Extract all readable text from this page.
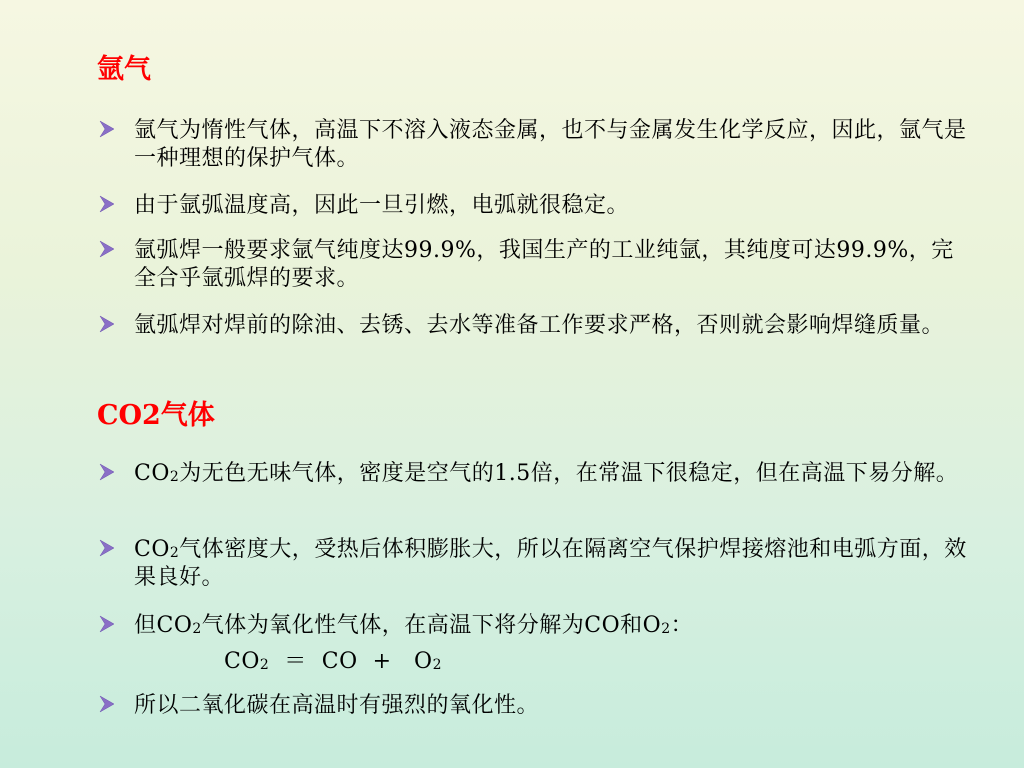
氩气
氩气为惰性气体，高温下不溶入液态金属，也不与金属发生化学反应，因此，氩气是一种理想的保护气体。
由于氩弧温度高，因此一旦引燃，电弧就很稳定。
氩弧焊一般要求氩气纯度达99.9%，我国生产的工业纯氩，其纯度可达99.9%，完全合乎氩弧焊的要求。
氩弧焊对焊前的除油、去锈、去水等准备工作要求严格，否则就会影响焊缝质量。
CO2气体
$CO_2$为无色无味气体，密度是空气的1.5倍，在常温下很稳定，但在高温下易分解。
$CO_2$气体密度大，受热后体积膨胀大，所以在隔离空气保护焊接熔池和电弧方面，效果良好。
但$CO_2$气体为氧化性气体，在高温下将分解为CO和$O_2$：
$CO_2$  ＝  CO  +   $O_2$
所以二氧化碳在高温时有强烈的氧化性。
